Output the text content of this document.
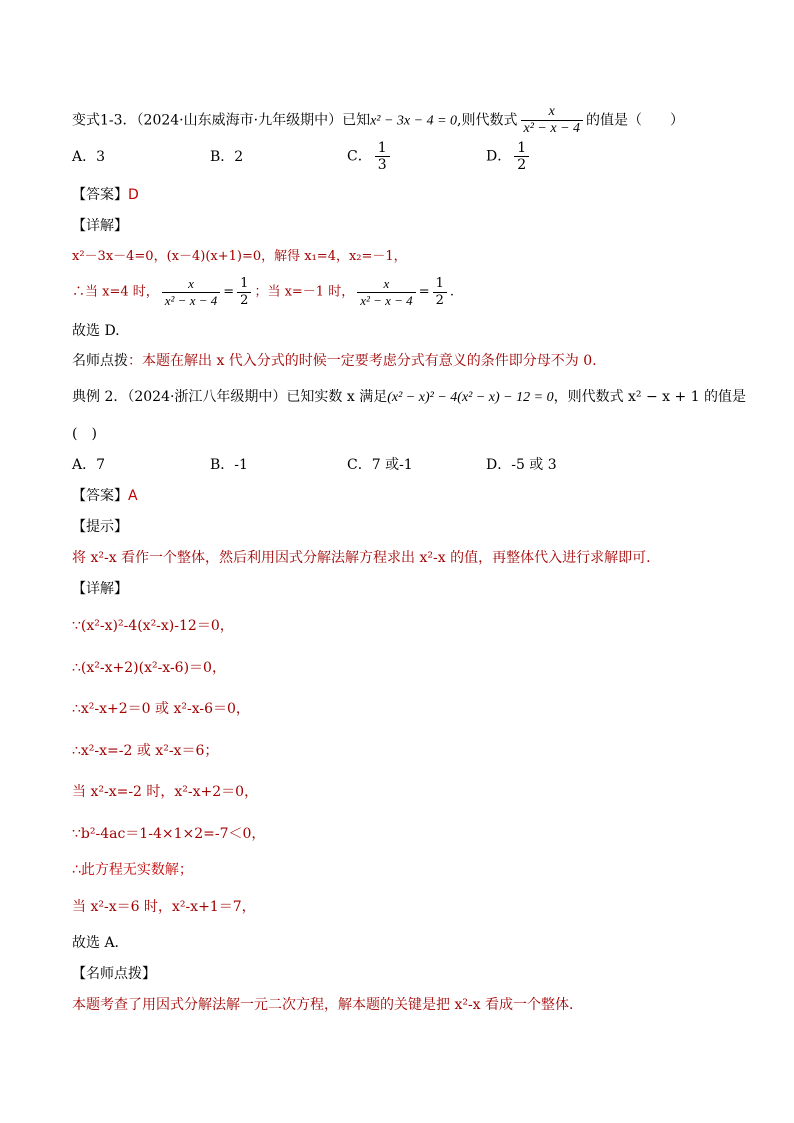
变式1-3．（2024·山东威海市·九年级期中）已知x² − 3x − 4 = 0,则代数式 $\frac{x}{\text{x² − x − 4}}$ 的值是（　　）
A．3	B．2	C． $\frac{1}{3}$	D． $\frac{1}{2}$
【答案】D
【详解】
x²－3x－4=0，(x－4)(x+1)=0，解得 x₁=4，x₂=－1，
∴当 x=4 时， $\frac{x}{\text{x² − x − 4}} = \frac{1}{2}$ ；当 x=－1 时， $\frac{x}{\text{x² − x − 4}} = \frac{1}{2}$ .
故选 D.
名师点拨：本题在解出 x 代入分式的时候一定要考虑分式有意义的条件即分母不为 0.
典例 2．（2024·浙江八年级期中）已知实数 x 满足(x² − x)² − 4(x² − x) − 12 = 0，则代数式 x² − x + 1 的值是
(　)
A．7	B．-1	C．7 或-1	D．-5 或 3
【答案】A
【提示】
将 x²-x 看作一个整体，然后利用因式分解法解方程求出 x²-x 的值，再整体代入进行求解即可.
【详解】
∵(x²-x)²-4(x²-x)-12＝0，
∴(x²-x+2)(x²-x-6)＝0，
∴x²-x+2＝0 或 x²-x-6＝0，
∴x²-x=-2 或 x²-x＝6；
当 x²-x=-2 时，x²-x+2＝0，
∵b²-4ac＝1-4×1×2=-7＜0，
∴此方程无实数解；
当 x²-x＝6 时，x²-x+1＝7，
故选 A．
【名师点拨】
本题考查了用因式分解法解一元二次方程，解本题的关键是把 x²-x 看成一个整体．
